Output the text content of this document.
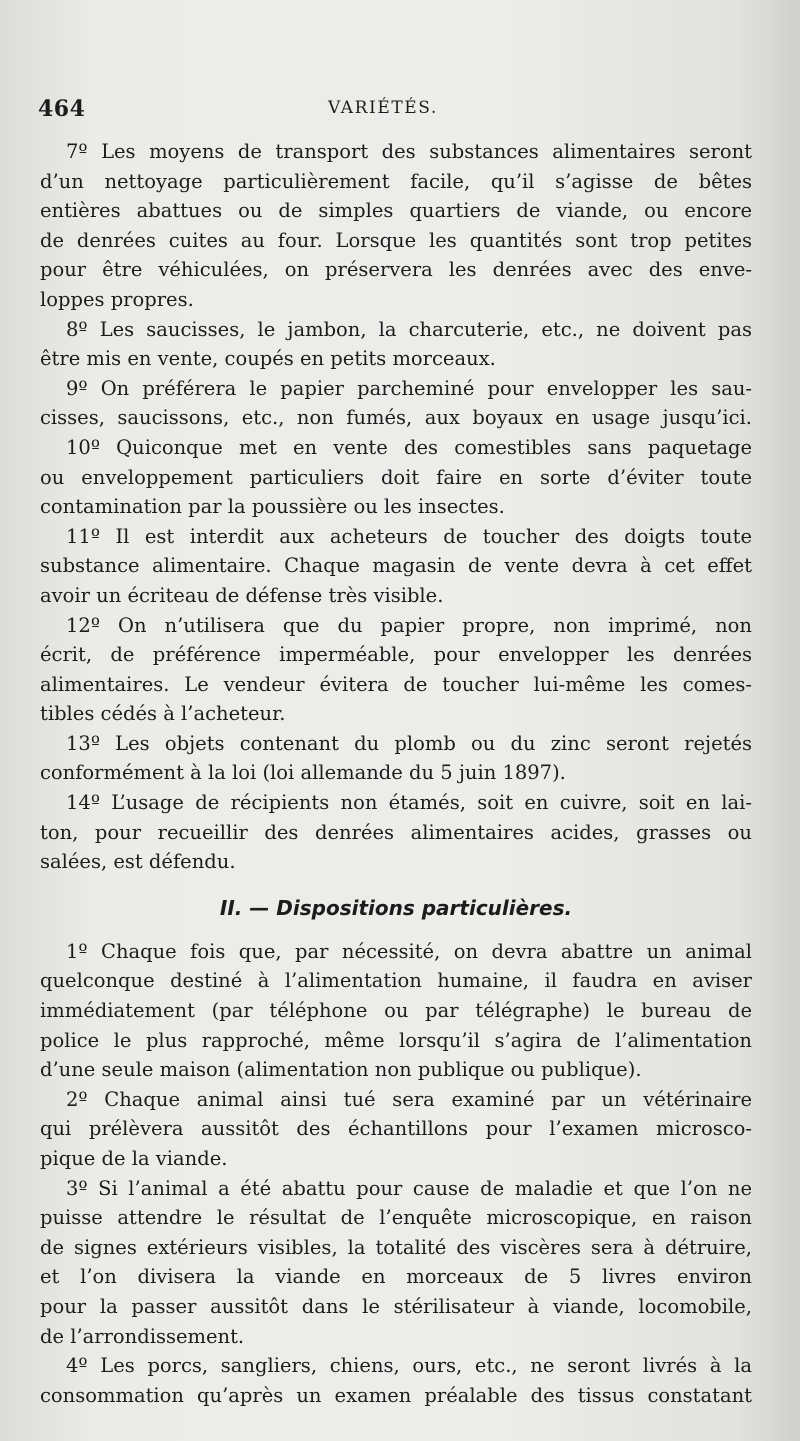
464	VARIÉTÉS.
7º Les moyens de transport des substances alimentaires seront
d’un nettoyage particulièrement facile, qu’il s’agisse de bêtes
entières abattues ou de simples quartiers de viande, ou encore
de denrées cuites au four. Lorsque les quantités sont trop petites
pour être véhiculées, on préservera les denrées avec des enve-
loppes propres.
8º Les saucisses, le jambon, la charcuterie, etc., ne doivent pas
être mis en vente, coupés en petits morceaux.
9º On préférera le papier parcheminé pour envelopper les sau-
cisses, saucissons, etc., non fumés, aux boyaux en usage jusqu’ici.
10º Quiconque met en vente des comestibles sans paquetage
ou enveloppement particuliers doit faire en sorte d’éviter toute
contamination par la poussière ou les insectes.
11º Il est interdit aux acheteurs de toucher des doigts toute
substance alimentaire. Chaque magasin de vente devra à cet effet
avoir un écriteau de défense très visible.
12º On n’utilisera que du papier propre, non imprimé, non
écrit, de préférence imperméable, pour envelopper les denrées
alimentaires. Le vendeur évitera de toucher lui-même les comes-
tibles cédés à l’acheteur.
13º Les objets contenant du plomb ou du zinc seront rejetés
conformément à la loi (loi allemande du 5 juin 1897).
14º L’usage de récipients non étamés, soit en cuivre, soit en lai-
ton, pour recueillir des denrées alimentaires acides, grasses ou
salées, est défendu.
II. — Dispositions particulières.
1º Chaque fois que, par nécessité, on devra abattre un animal
quelconque destiné à l’alimentation humaine, il faudra en aviser
immédiatement (par téléphone ou par télégraphe) le bureau de
police le plus rapproché, même lorsqu’il s’agira de l’alimentation
d’une seule maison (alimentation non publique ou publique).
2º Chaque animal ainsi tué sera examiné par un vétérinaire
qui prélèvera aussitôt des échantillons pour l’examen microsco-
pique de la viande.
3º Si l’animal a été abattu pour cause de maladie et que l’on ne
puisse attendre le résultat de l’enquête microscopique, en raison
de signes extérieurs visibles, la totalité des viscères sera à détruire,
et l’on divisera la viande en morceaux de 5 livres environ
pour la passer aussitôt dans le stérilisateur à viande, locomobile,
de l’arrondissement.
4º Les porcs, sangliers, chiens, ours, etc., ne seront livrés à la
consommation qu’après un examen préalable des tissus constatant
